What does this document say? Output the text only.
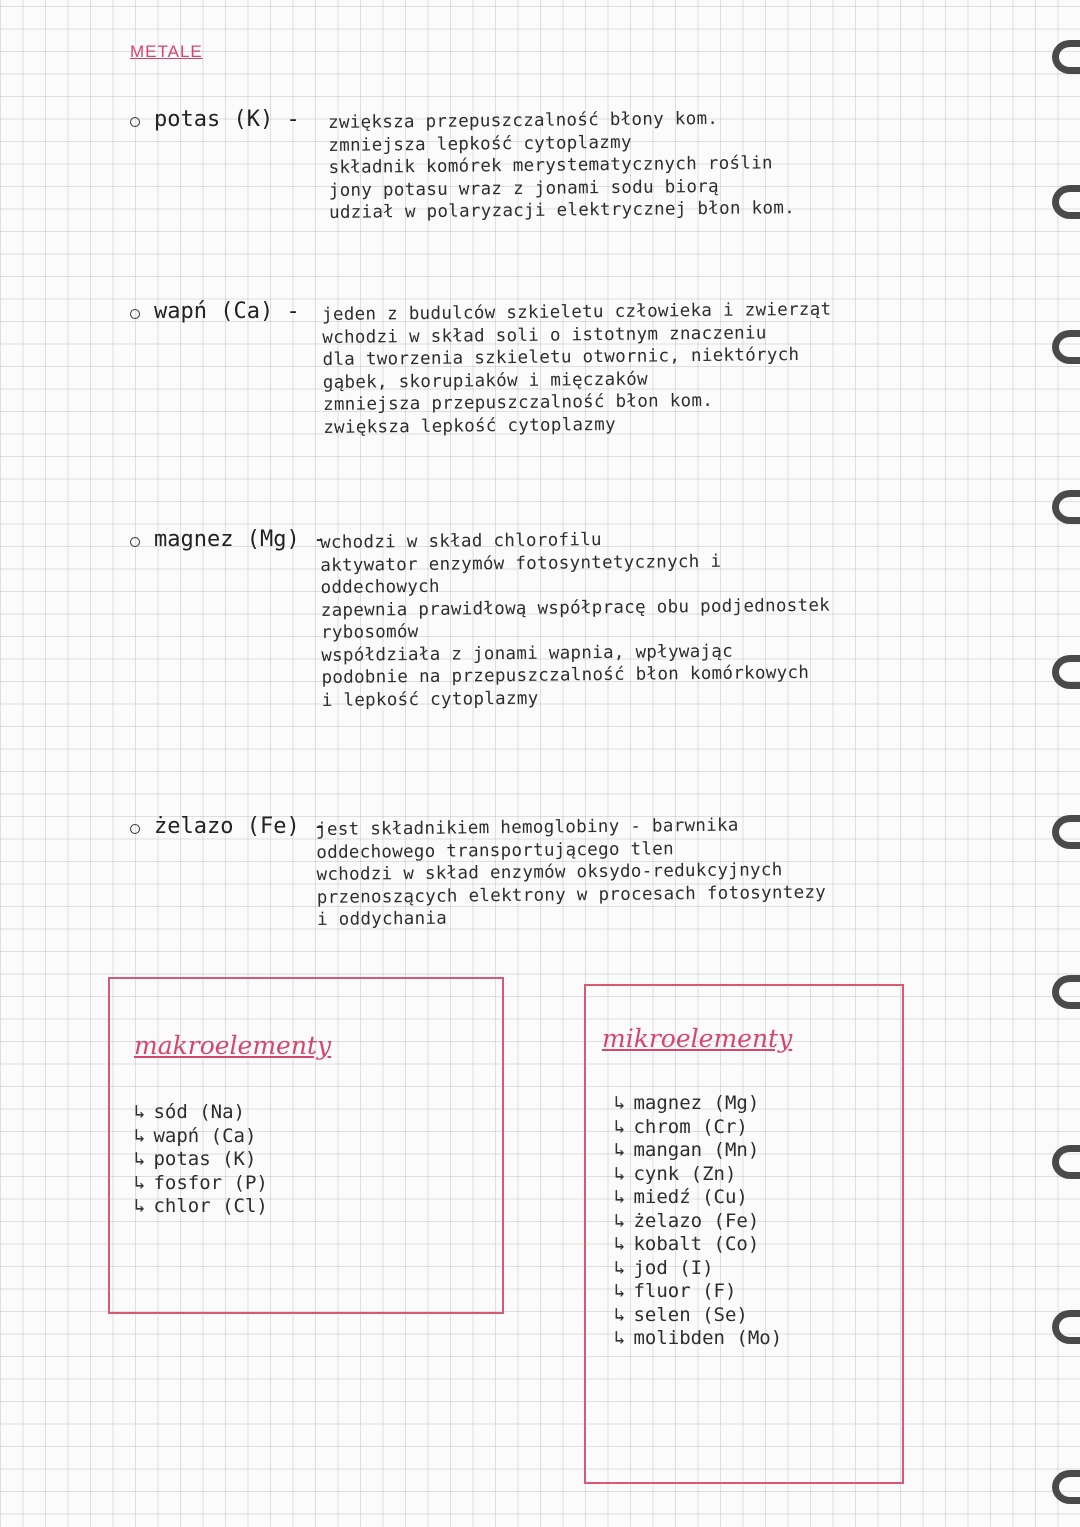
METALE
potas (K) - zwiększa przepuszczalność błony kom.
zmniejsza lepkość cytoplazmy
składnik komórek merystematycznych roślin
jony potasu wraz z jonami sodu biorą
udział w polaryzacji elektrycznej błon kom.
wapń (Ca) - jeden z budulców szkieletu człowieka i zwierząt
wchodzi w skład soli o istotnym znaczeniu
dla tworzenia szkieletu otwornic, niektórych
gąbek, skorupiaków i mięczaków
zmniejsza przepuszczalność błon kom.
zwiększa lepkość cytoplazmy
magnez (Mg) -
wchodzi w skład chlorofilu
aktywator enzymów fotosyntetycznych i
oddechowych
zapewnia prawidłową współpracę obu podjednostek
rybosomów
współdziała z jonami wapnia, wpływając
podobnie na przepuszczalność błon komórkowych
i lepkość cytoplazmy
żelazo (Fe) -
jest składnikiem hemoglobiny - barwnika
oddechowego transportującego tlen
wchodzi w skład enzymów oksydo-redukcyjnych
przenoszących elektrony w procesach fotosyntezy
i oddychania
makroelementy
↳ sód (Na)
↳ wapń (Ca)
↳ potas (K)
↳ fosfor (P)
↳ chlor (Cl)
mikroelementy
↳ magnez (Mg)
↳ chrom (Cr)
↳ mangan (Mn)
↳ cynk (Zn)
↳ miedź (Cu)
↳ żelazo (Fe)
↳ kobalt (Co)
↳ jod (I)
↳ fluor (F)
↳ selen (Se)
↳ molibden (Mo)
